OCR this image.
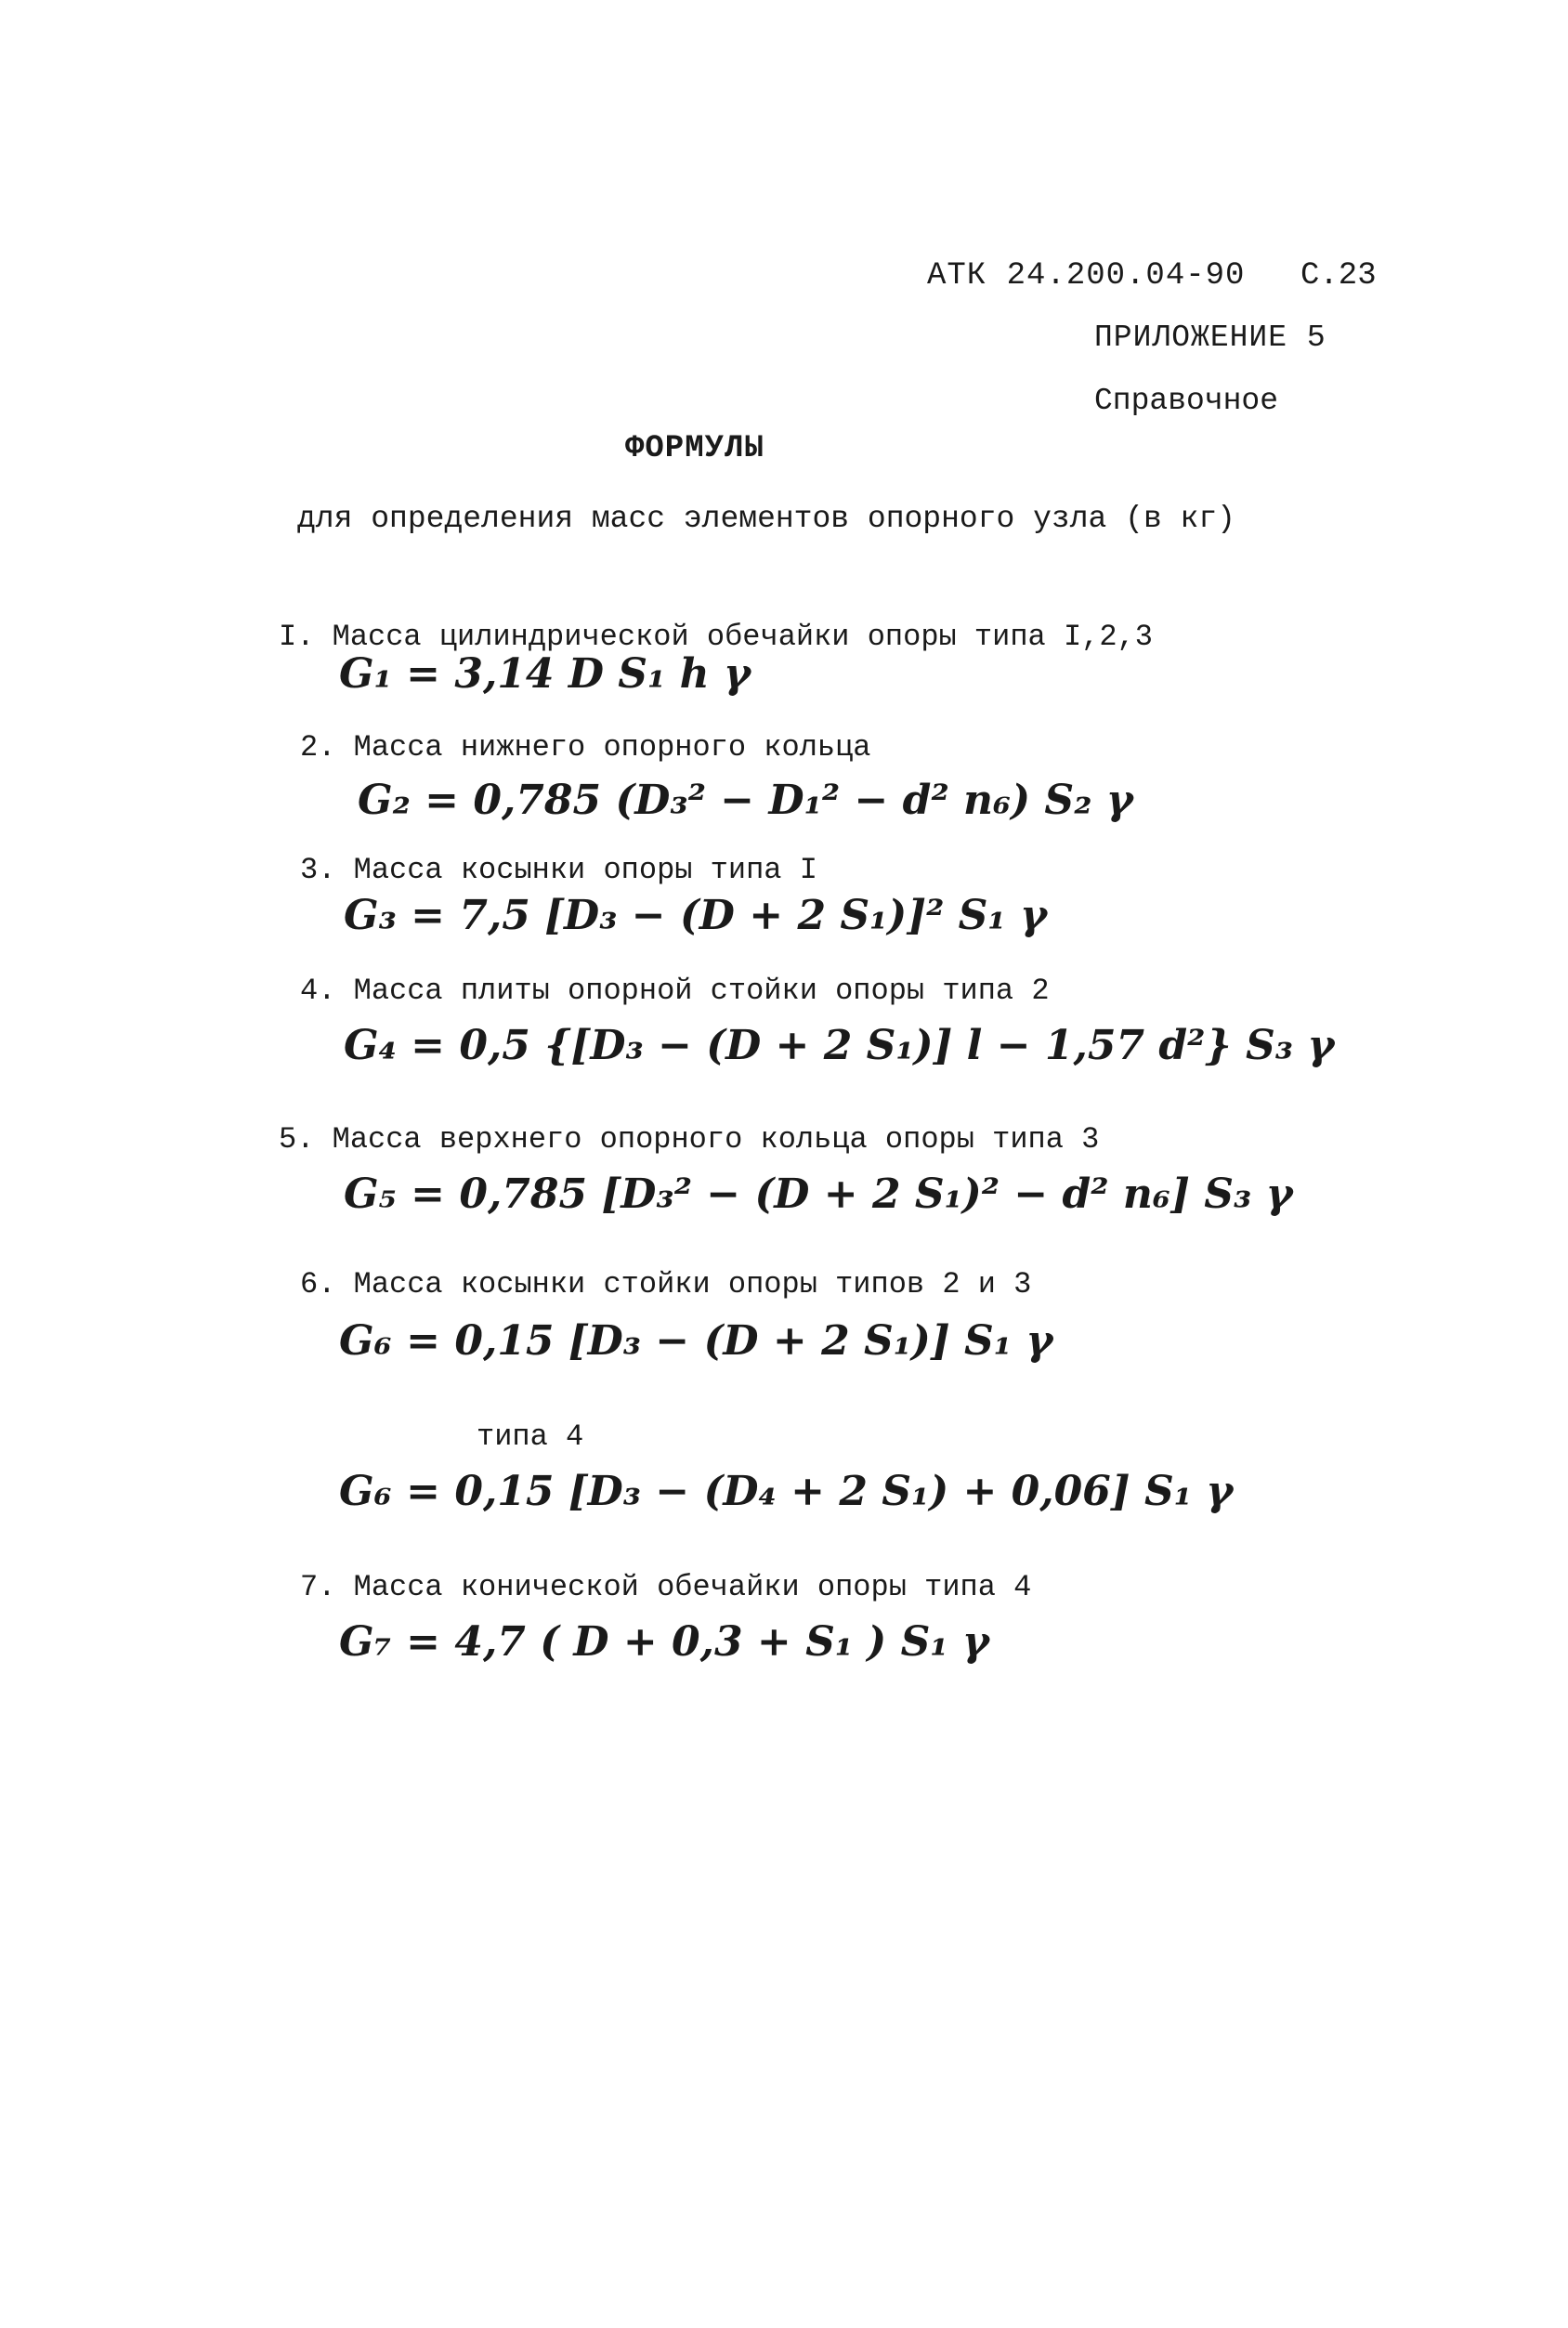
АТК 24.200.04-90 С.23
ПРИЛОЖЕНИЕ 5
Справочное
ФОРМУЛЫ
для определения масс элементов опорного узла (в кг)
I. Масса цилиндрической обечайки опоры типа I,2,3
G₁ = 3,14 D S₁ h γ
2. Масса нижнего опорного кольца
G₂ = 0,785 (D₃² − D₁² − d² n₆) S₂ γ
3. Масса косынки опоры типа I
G₃ = 7,5 [D₃ − (D + 2 S₁)]² S₁ γ
4. Масса плиты опорной стойки опоры типа 2
G₄ = 0,5 {[D₃ − (D + 2 S₁)] l − 1,57 d²} S₃ γ
5. Масса верхнего опорного кольца опоры типа 3
G₅ = 0,785 [D₃² − (D + 2 S₁)² − d² n₆] S₃ γ
6. Масса косынки стойки опоры типов 2 и 3
G₆ = 0,15 [D₃ − (D + 2 S₁)] S₁ γ
типа 4
G₆ = 0,15 [D₃ − (D₄ + 2 S₁) + 0,06] S₁ γ
7. Масса конической обечайки опоры типа 4
G₇ = 4,7 ( D + 0,3 + S₁ ) S₁ γ
